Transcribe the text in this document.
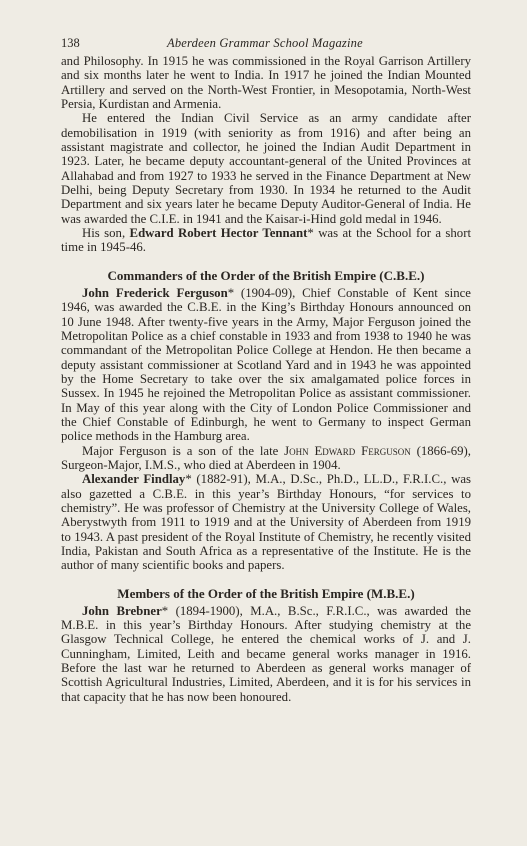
138	Aberdeen Grammar School Magazine

and Philosophy. In 1915 he was commissioned in the Royal Garrison Artillery and six months later he went to India. In 1917 he joined the Indian Mounted Artillery and served on the North-West Frontier, in Mesopotamia, North-West Persia, Kurdistan and Armenia.

He entered the Indian Civil Service as an army candidate after demobilisation in 1919 (with seniority as from 1916) and after being an assistant magistrate and collector, he joined the Indian Audit Department in 1923. Later, he became deputy accountant-general of the United Provinces at Allahabad and from 1927 to 1933 he served in the Finance Department at New Delhi, being Deputy Secretary from 1930. In 1934 he returned to the Audit Department and six years later he became Deputy Auditor-General of India. He was awarded the C.I.E. in 1941 and the Kaisar-i-Hind gold medal in 1946.

His son, Edward Robert Hector Tennant* was at the School for a short time in 1945-46.

Commanders of the Order of the British Empire (C.B.E.)

John Frederick Ferguson* (1904-09), Chief Constable of Kent since 1946, was awarded the C.B.E. in the King’s Birthday Honours announced on 10 June 1948. After twenty-five years in the Army, Major Ferguson joined the Metropolitan Police as a chief constable in 1933 and from 1938 to 1940 he was commandant of the Metropolitan Police College at Hendon. He then became a deputy assistant commissioner at Scotland Yard and in 1943 he was appointed by the Home Secretary to take over the six amalgamated police forces in Sussex. In 1945 he rejoined the Metropolitan Police as assistant commissioner. In May of this year along with the City of London Police Commissioner and the Chief Constable of Edinburgh, he went to Germany to inspect German police methods in the Hamburg area.

Major Ferguson is a son of the late John Edward Ferguson (1866-69), Surgeon-Major, I.M.S., who died at Aberdeen in 1904.

Alexander Findlay* (1882-91), M.A., D.Sc., Ph.D., LL.D., F.R.I.C., was also gazetted a C.B.E. in this year’s Birthday Honours, “for services to chemistry”. He was professor of Chemistry at the University College of Wales, Aberystwyth from 1911 to 1919 and at the University of Aberdeen from 1919 to 1943. A past president of the Royal Institute of Chemistry, he recently visited India, Pakistan and South Africa as a representative of the Institute. He is the author of many scientific books and papers.

Members of the Order of the British Empire (M.B.E.)

John Brebner* (1894-1900), M.A., B.Sc., F.R.I.C., was awarded the M.B.E. in this year’s Birthday Honours. After studying chemistry at the Glasgow Technical College, he entered the chemical works of J. and J. Cunningham, Limited, Leith and became general works manager in 1916. Before the last war he returned to Aberdeen as general works manager of Scottish Agricultural Industries, Limited, Aberdeen, and it is for his services in that capacity that he has now been honoured.
